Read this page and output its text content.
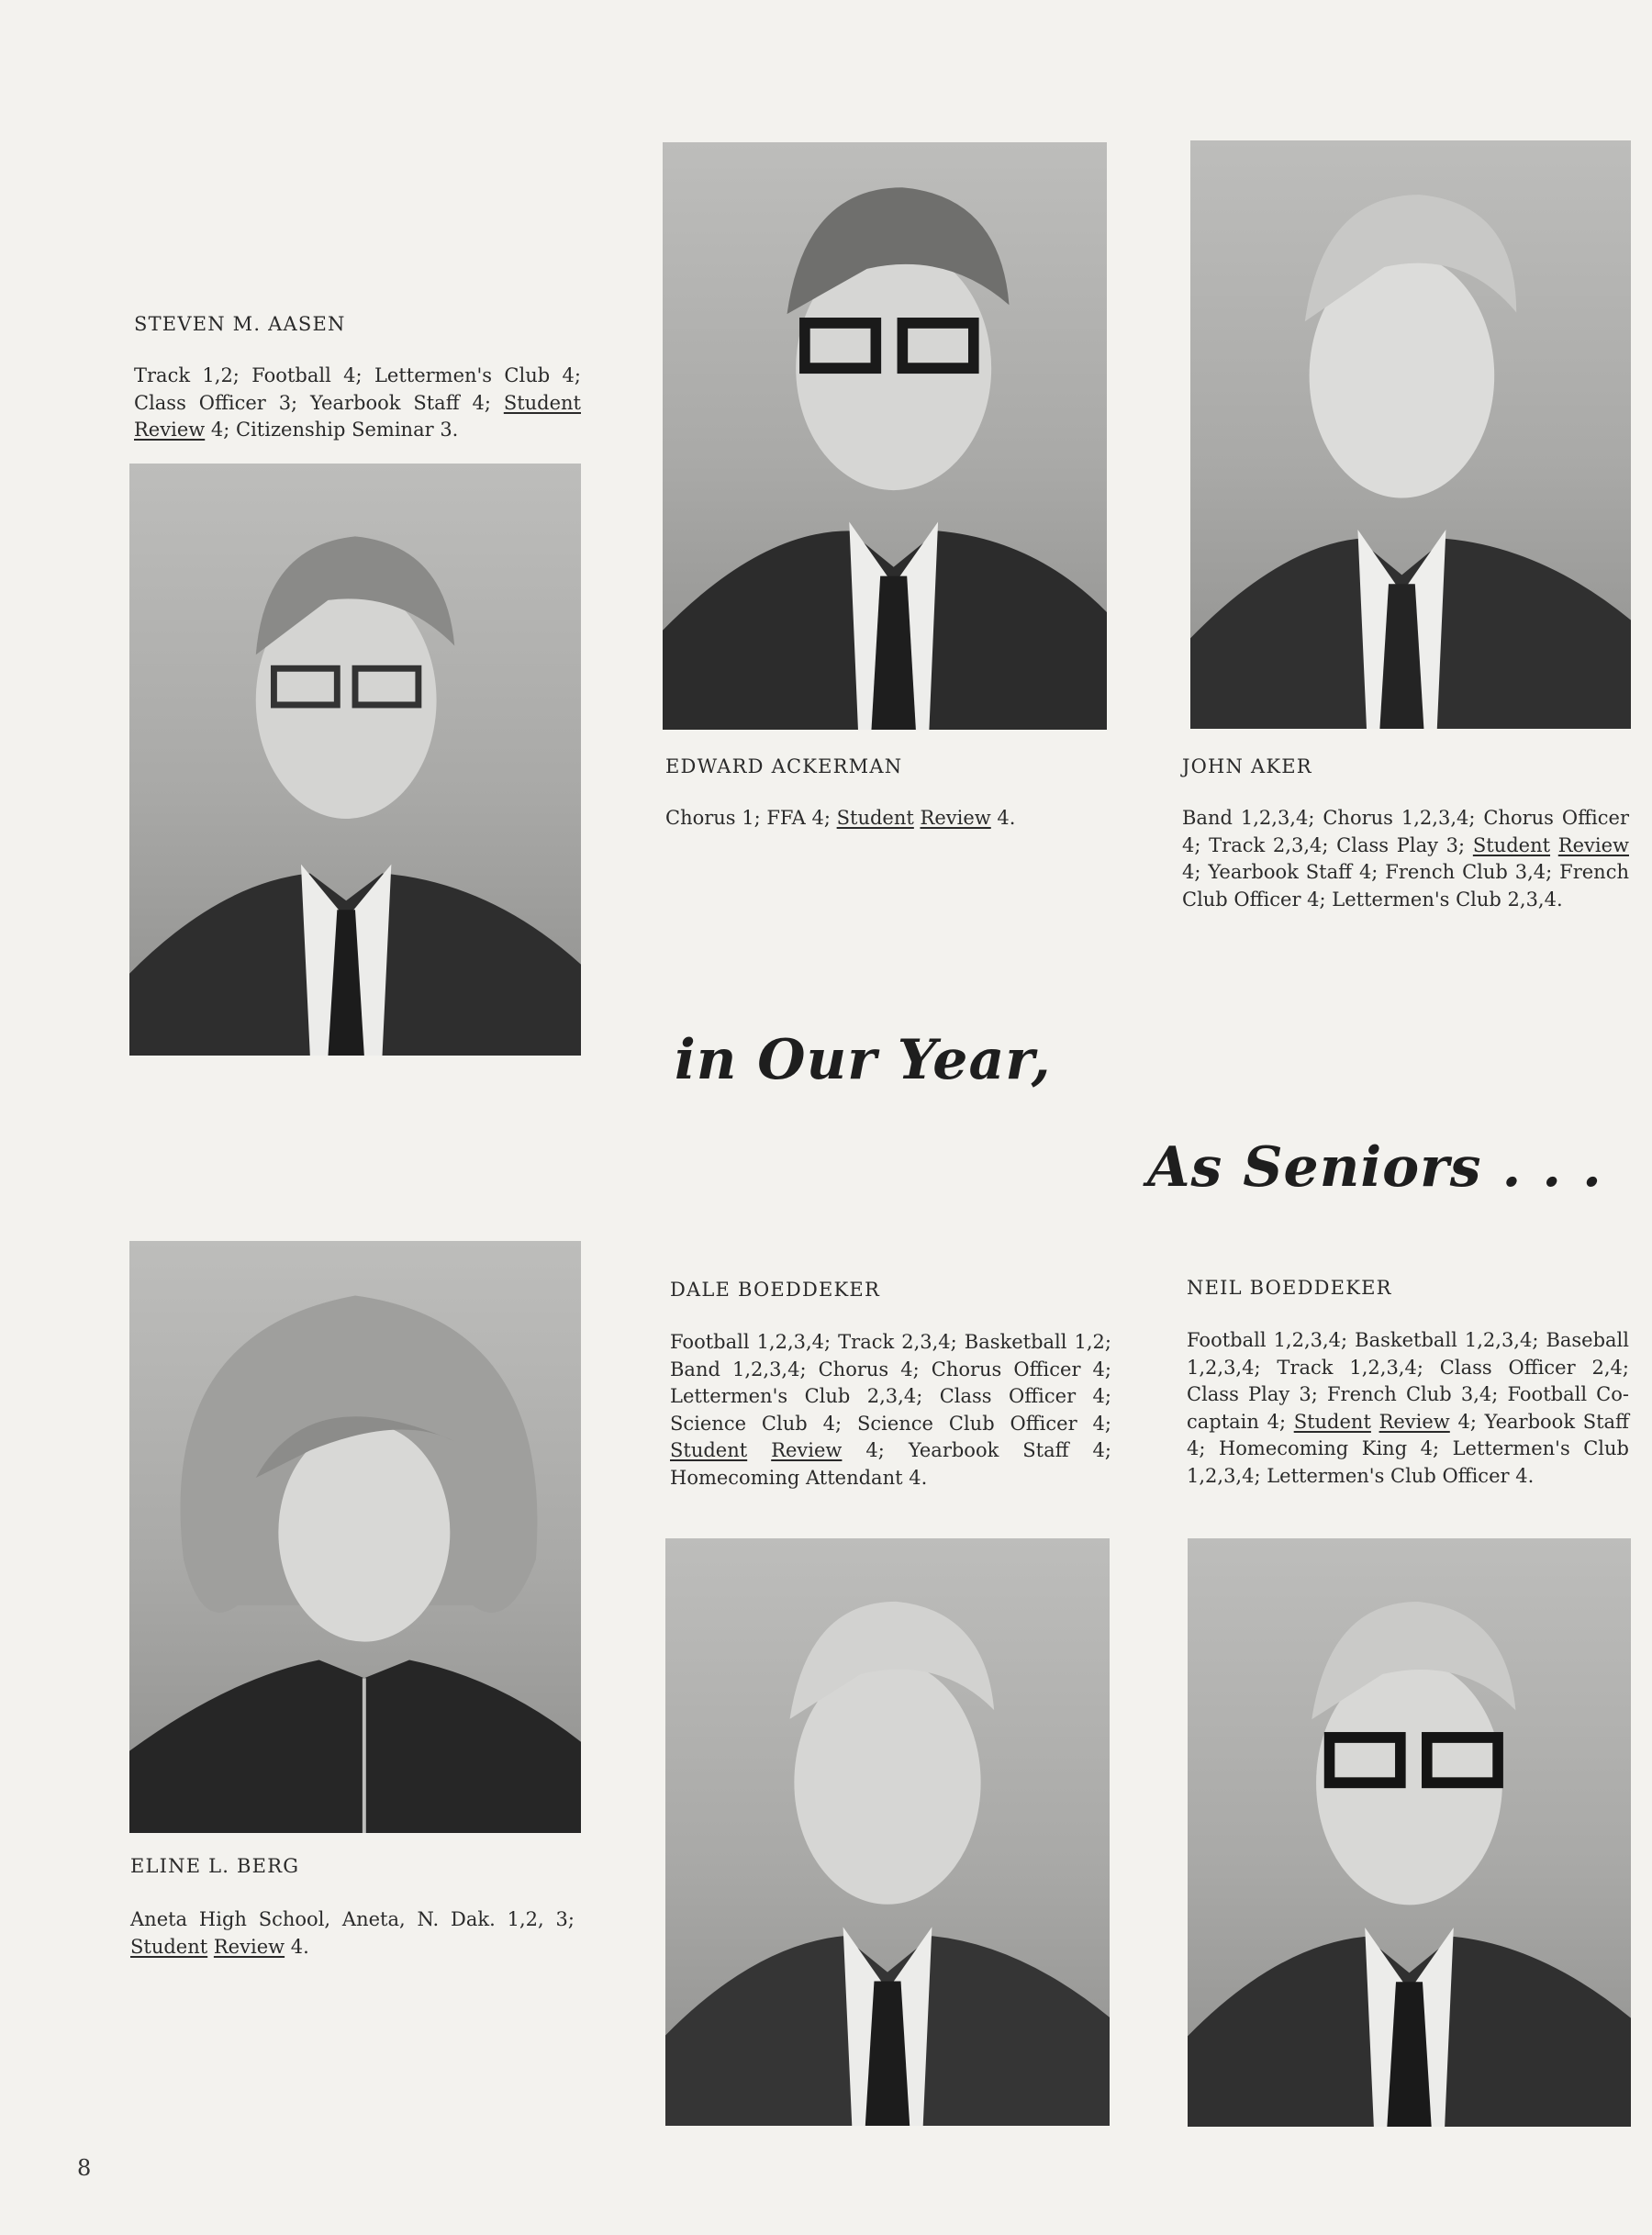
STEVEN M. AASEN
Track 1,2; Football 4; Lettermen's Club 4; Class Officer 3; Yearbook Staff 4; Student Review 4; Citizenship Seminar 3.
EDWARD ACKERMAN
Chorus 1; FFA 4; Student Review 4.
JOHN AKER
Band 1,2,3,4; Chorus 1,2,3,4; Chorus Officer 4; Track 2,3,4; Class Play 3; Student Review 4; Yearbook Staff 4; French Club 3,4; French Club Officer 4; Lettermen's Club 2,3,4.
in Our Year,
As Seniors . . .
DALE BOEDDEKER
Football 1,2,3,4; Track 2,3,4; Basketball 1,2; Band 1,2,3,4; Chorus 4; Chorus Officer 4; Lettermen's Club 2,3,4; Class Officer 4; Science Club 4; Science Club Officer 4; Student Review 4; Yearbook Staff 4; Homecoming Attendant 4.
NEIL BOEDDEKER
Football 1,2,3,4; Basketball 1,2,3,4; Baseball 1,2,3,4; Track 1,2,3,4; Class Officer 2,4; Class Play 3; French Club 3,4; Football Co-captain 4; Student Review 4; Yearbook Staff 4; Homecoming King 4; Lettermen's Club 1,2,3,4; Lettermen's Club Officer 4.
ELINE L. BERG
Aneta High School, Aneta, N. Dak. 1,2, 3; Student Review 4.
8
